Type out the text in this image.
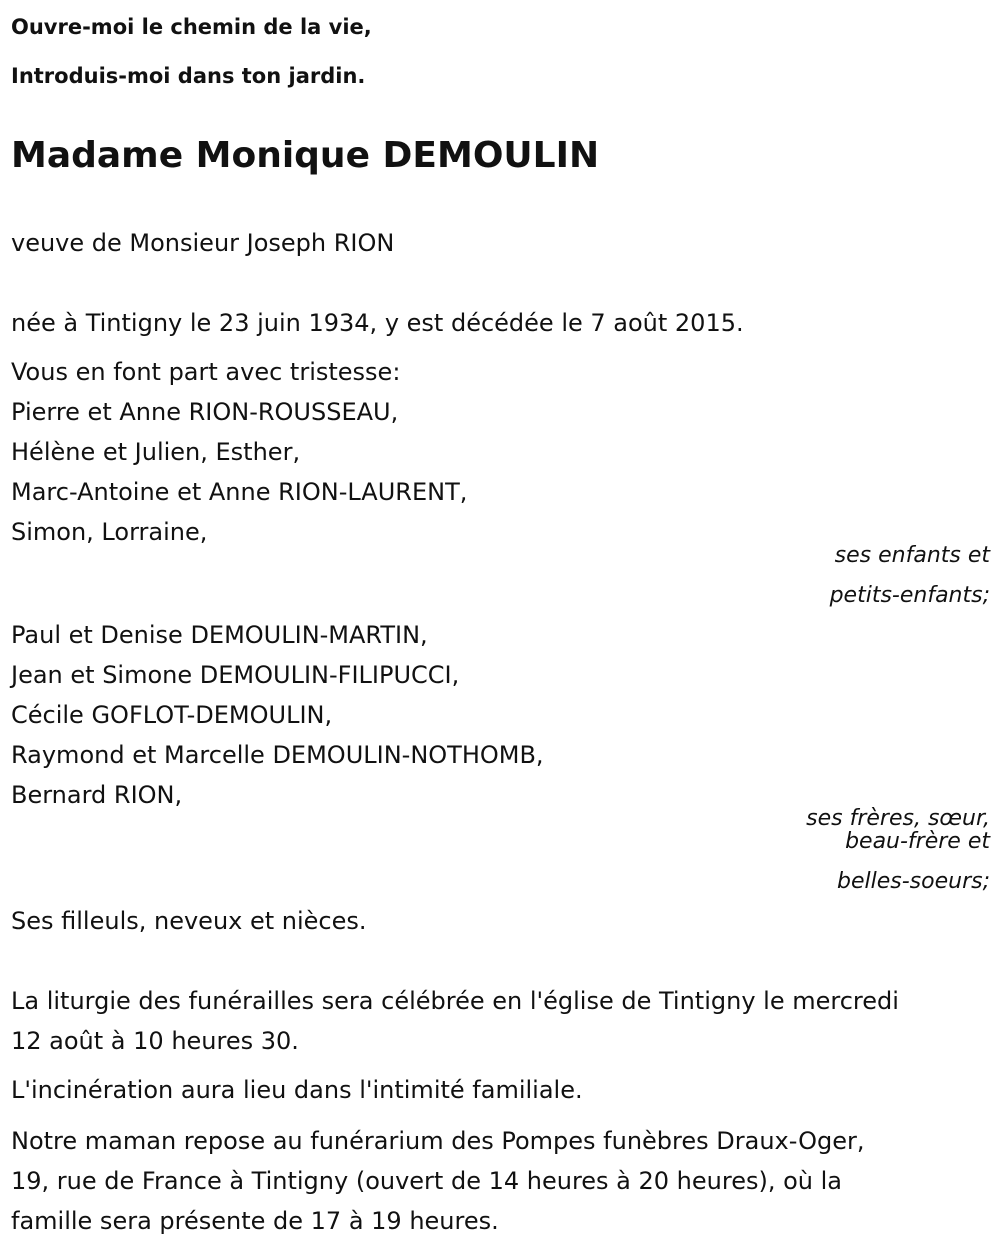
Ouvre-moi le chemin de la vie,
Introduis-moi dans ton jardin.
Madame Monique DEMOULIN
veuve de Monsieur Joseph RION
née à Tintigny le 23 juin 1934, y est décédée le 7 août 2015.
Vous en font part avec tristesse:
Pierre et Anne RION-ROUSSEAU,
Hélène et Julien, Esther,
Marc-Antoine et Anne RION-LAURENT,
Simon, Lorraine,
ses enfants et
petits-enfants;
Paul et Denise DEMOULIN-MARTIN,
Jean et Simone DEMOULIN-FILIPUCCI,
Cécile GOFLOT-DEMOULIN,
Raymond et Marcelle DEMOULIN-NOTHOMB,
Bernard RION,
ses frères, sœur,
beau-frère et
belles-soeurs;
Ses filleuls, neveux et nièces.
La liturgie des funérailles sera célébrée en l'église de Tintigny le mercredi
12 août à 10 heures 30.
L'incinération aura lieu dans l'intimité familiale.
Notre maman repose au funérarium des Pompes funèbres Draux-Oger,
19, rue de France à Tintigny (ouvert de 14 heures à 20 heures), où la
famille sera présente de 17 à 19 heures.
